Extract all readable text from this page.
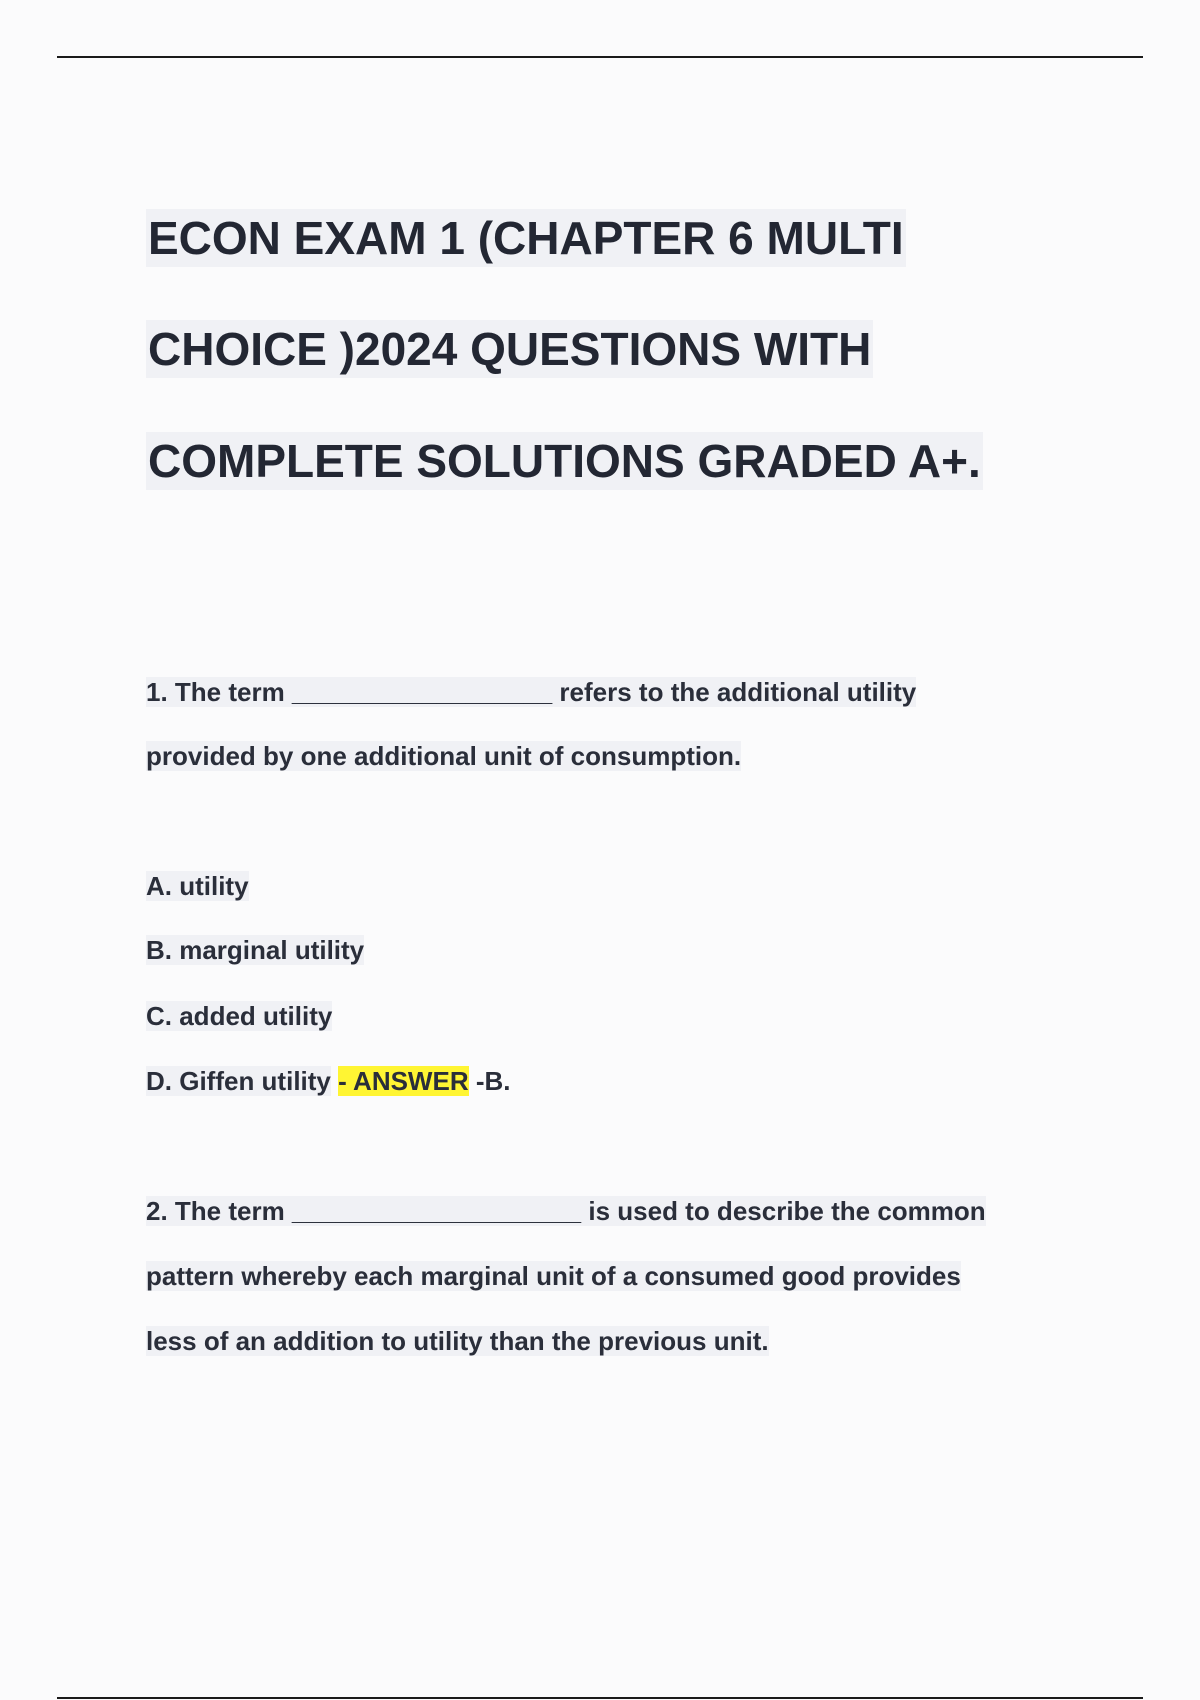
ECON EXAM 1 (CHAPTER 6 MULTI
CHOICE )2024 QUESTIONS WITH
COMPLETE SOLUTIONS GRADED A+.
1. The term __________________ refers to the additional utility
provided by one additional unit of consumption.
A. utility
B. marginal utility
C. added utility
D. Giffen utility - ANSWER -B.
2. The term ____________________ is used to describe the common
pattern whereby each marginal unit of a consumed good provides
less of an addition to utility than the previous unit.
